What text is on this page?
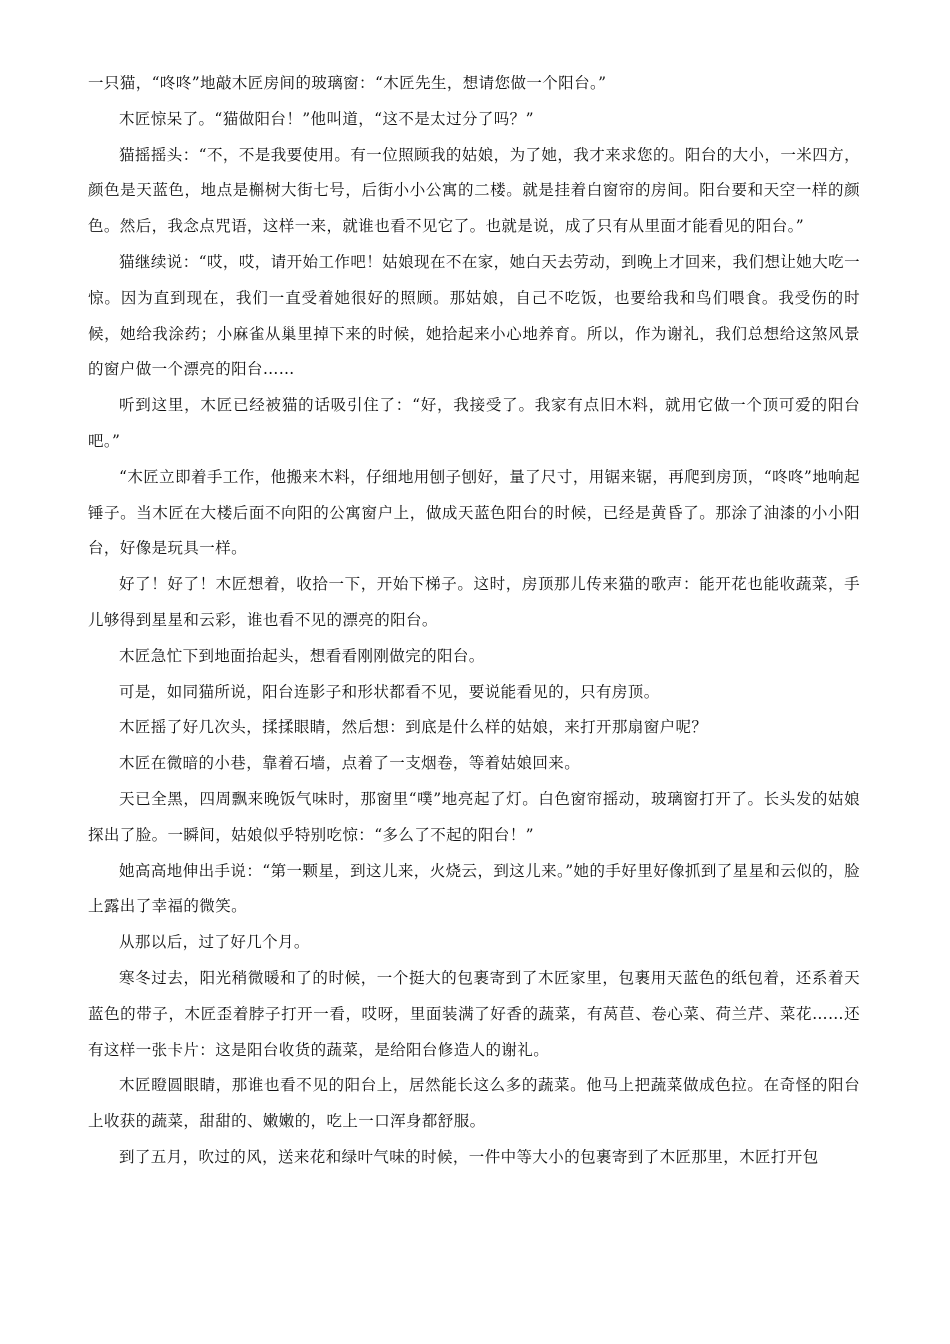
一只猫，“咚咚”地敲木匠房间的玻璃窗：“木匠先生，想请您做一个阳台。”

木匠惊呆了。“猫做阳台！”他叫道，“这不是太过分了吗？”

猫摇摇头：“不，不是我要使用。有一位照顾我的姑娘，为了她，我才来求您的。阳台的大小，一米四方，颜色是天蓝色，地点是槲树大街七号，后街小小公寓的二楼。就是挂着白窗帘的房间。阳台要和天空一样的颜色。然后，我念点咒语，这样一来，就谁也看不见它了。也就是说，成了只有从里面才能看见的阳台。”

猫继续说：“哎，哎，请开始工作吧！姑娘现在不在家，她白天去劳动，到晚上才回来，我们想让她大吃一惊。因为直到现在，我们一直受着她很好的照顾。那姑娘，自己不吃饭，也要给我和鸟们喂食。我受伤的时候，她给我涂药；小麻雀从巢里掉下来的时候，她拾起来小心地养育。所以，作为谢礼，我们总想给这煞风景的窗户做一个漂亮的阳台……

听到这里，木匠已经被猫的话吸引住了：“好，我接受了。我家有点旧木料，就用它做一个顶可爱的阳台吧。”

“木匠立即着手工作，他搬来木料，仔细地用刨子刨好，量了尺寸，用锯来锯，再爬到房顶，“咚咚”地响起锤子。当木匠在大楼后面不向阳的公寓窗户上，做成天蓝色阳台的时候，已经是黄昏了。那涂了油漆的小小阳台，好像是玩具一样。

好了！好了！木匠想着，收拾一下，开始下梯子。这时，房顶那儿传来猫的歌声：能开花也能收蔬菜，手儿够得到星星和云彩，谁也看不见的漂亮的阳台。

木匠急忙下到地面抬起头，想看看刚刚做完的阳台。

可是，如同猫所说，阳台连影子和形状都看不见，要说能看见的，只有房顶。

木匠摇了好几次头，揉揉眼睛，然后想：到底是什么样的姑娘，来打开那扇窗户呢？

木匠在微暗的小巷，靠着石墙，点着了一支烟卷，等着姑娘回来。

天已全黑，四周飘来晚饭气味时，那窗里“噗”地亮起了灯。白色窗帘摇动，玻璃窗打开了。长头发的姑娘探出了脸。一瞬间，姑娘似乎特别吃惊：“多么了不起的阳台！”

她高高地伸出手说：“第一颗星，到这儿来，火烧云，到这儿来。”她的手好里好像抓到了星星和云似的，脸上露出了幸福的微笑。

从那以后，过了好几个月。

寒冬过去，阳光稍微暖和了的时候，一个挺大的包裹寄到了木匠家里，包裹用天蓝色的纸包着，还系着天蓝色的带子，木匠歪着脖子打开一看，哎呀，里面装满了好香的蔬菜，有莴苣、卷心菜、荷兰芹、菜花……还有这样一张卡片：这是阳台收货的蔬菜，是给阳台修造人的谢礼。

木匠瞪圆眼睛，那谁也看不见的阳台上，居然能长这么多的蔬菜。他马上把蔬菜做成色拉。在奇怪的阳台上收获的蔬菜，甜甜的、嫩嫩的，吃上一口浑身都舒服。

到了五月，吹过的风，送来花和绿叶气味的时候，一件中等大小的包裹寄到了木匠那里，木匠打开包
